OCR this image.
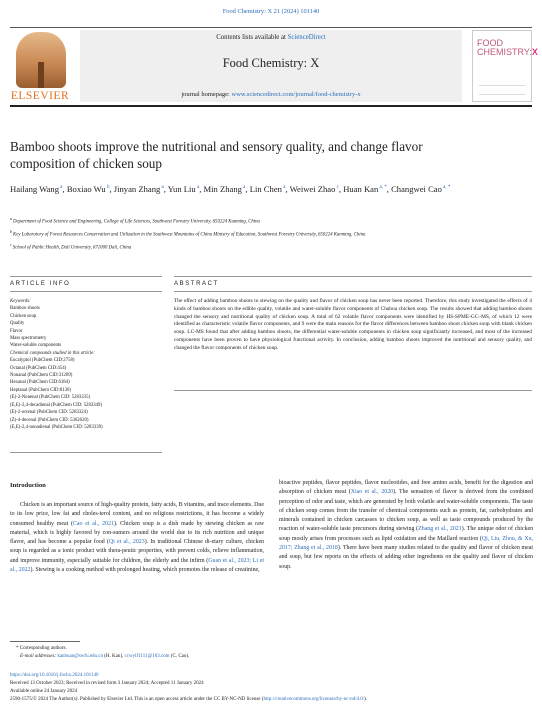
Food Chemistry: X 21 (2024) 101140
ELSEVIER
Contents lists available at ScienceDirect
Food Chemistry: X
journal homepage: www.sciencedirect.com/journal/food-chemistry-x
FOOD
CHEMISTRY:X
Bamboo shoots improve the nutritional and sensory quality, and change flavor composition of chicken soup
Hailang Wang $^a$, Boxiao Wu $^b$, Jinyan Zhang $^a$, Yun Liu $^a$, Min Zhang $^a$, Lin Chen $^a$, Weiwei Zhao $^c$, Huan Kan $^{a, *}$, Changwei Cao $^{a, *}$
$^a$ Department of Food Science and Engineering, College of Life Sciences, Southwest Forestry University, 650224 Kunming, China
$^b$ Key Laboratory of Forest Resources Conservation and Utilization in the Southwest Mountains of China Ministry of Education, Southwest Forestry University, 650224 Kunming, China
$^c$ School of Public Health, Dali University, 671000 Dali, China
ARTICLE INFO
Keywords:
Bamboo shoots
Chicken soup
Quality
Flavor
Mass spectrometry
Water-soluble components
Chemical compounds studied in this article:
Eucalyptol (PubChem CID:2758)
Octanal (PubChem CID:454)
Nonanal (PubChem CID:31289)
Hexanal (PubChem CID:6184)
Heptanal (PubChem CID:8130)
(E)-2-Nonenal (PubChem CID: 5283335)
(E,E)-2,4-decadienal (PubChem CID: 5283349)
(E)-2-octenal (PubChem CID: 5283324)
(Z)-4-decenal (PubChem CID: 5362620)
(E,E)-2,4-nonadienal (PubChem CID: 5283339)
ABSTRACT
The effect of adding bamboo shoots to stewing on the quality and flavor of chicken soup has never been reported. Therefore, this study investigated the effects of 4 kinds of bamboo shoots on the edible quality, volatile and water-soluble flavor components of Chahua chicken soup. The results showed that adding bamboo shoots changed the sensory and nutritional quality of chicken soup. A total of 62 volatile flavor components were identified by HS-SPME-GC–MS, of which 12 were identified as characteristic volatile flavor components, and 9 were the main reasons for the flavor differences between bamboo shoot chicken soup with blank chicken soup. LC-MS found that after adding bamboo shoots, the differential water-soluble components in chicken soup significantly increased, and most of the increased components have been proven to have physiological functional activity. In conclusion, adding bamboo shoots improved the nutritional and sensory quality, and changed the flavor components of chicken soup.
Introduction

Chicken is an important source of high-quality protein, fatty acids, B vitamins, and trace elements. Due to its low price, low fat and choles-terol content, and no religious restrictions, it has become a widely consumed healthy meat (Cao et al., 2021). Chicken soup is a dish made by stewing chicken as raw material, which is highly favored by con-sumers around the world due to its rich nutrition and unique flavor, and has become a popular food (Qi et al., 2023). In traditional Chinese di-etary culture, chicken soup is regarded as a tonic product with thera-peutic properties, with prevent colds, relieve inflammation, and improve immunity, especially suitable for children, the elderly and the infirm (Guan et al., 2023; Li et al., 2022). Stewing is a cooking method with prolonged heating, which promotes the release of creatinine,

bioactive peptides, flavor peptides, flavor nucleotides, and free amino acids, benefit for the digestion and absorption of chicken meat (Xiao et al., 2020). The sensation of flavor is derived from the combined perception of odor and taste, which are generated by both volatile and water-soluble components. The taste of chicken soup comes from the transfer of chemical components such as protein, fat, carbohydrates and minerals contained in chicken carcasses to chicken soup, as well as taste compounds produced by the reaction of water-soluble taste precursors during stewing (Zhang et al., 2021). The unique odor of chicken soup mostly arises from processes such as lipid oxidation and the Maillard reaction (Qi, Liu, Zhou, & Xu, 2017; Zhang et al., 2018). There have been many studies related to the quality and flavor of chicken meat and soup, but few reports on the effects of adding other ingredients on the quality and flavor of chicken soup.

* Corresponding authors.
E-mail addresses: kanhuan@swfu.edu.cn (H. Kan), ccwylf1111@163.com (C. Cao).
https://doi.org/10.1016/j.fochx.2024.101140
Received 13 October 2023; Received in revised form 3 January 2024; Accepted 11 January 2024
Available online 24 January 2024
2590-1575/© 2024 The Author(s). Published by Elsevier Ltd. This is an open access article under the CC BY-NC-ND license (http://creativecommons.org/licenses/by-nc-nd/4.0/).
